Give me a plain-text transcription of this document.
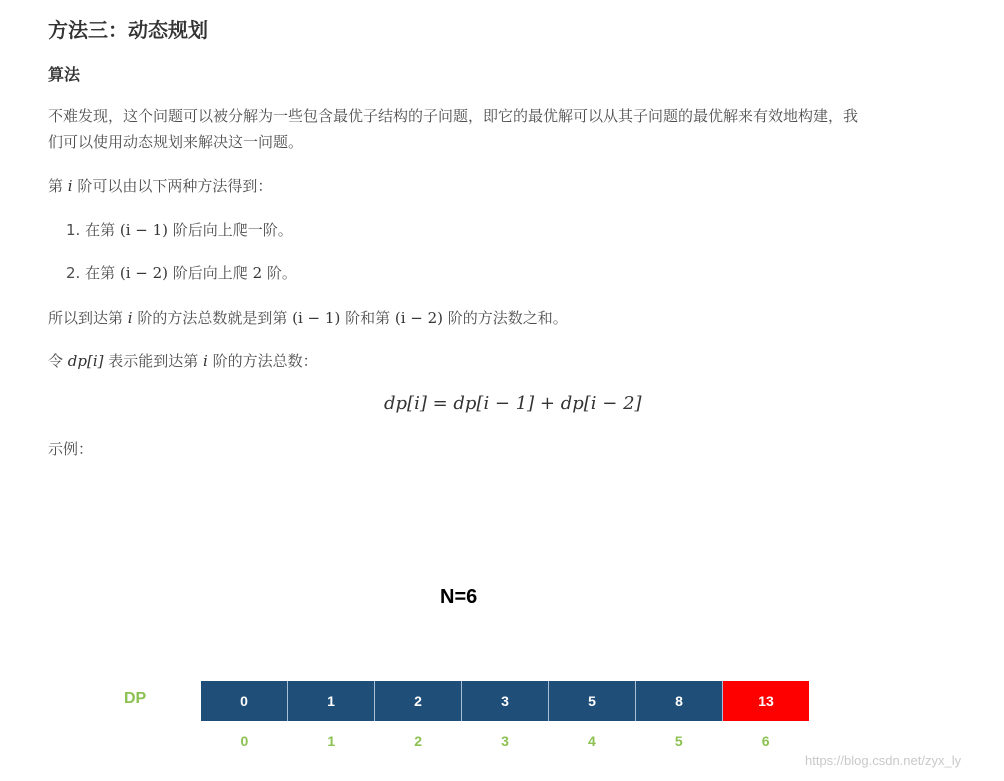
方法三：动态规划
算法
不难发现，这个问题可以被分解为一些包含最优子结构的子问题，即它的最优解可以从其子问题的最优解来有效地构建，我
们可以使用动态规划来解决这一问题。
第 i 阶可以由以下两种方法得到：
1. 在第 (i − 1) 阶后向上爬一阶。
2. 在第 (i − 2) 阶后向上爬 2 阶。
所以到达第 i 阶的方法总数就是到第 (i − 1) 阶和第 (i − 2) 阶的方法数之和。
令 dp[i] 表示能到达第 i 阶的方法总数：
dp[i] = dp[i − 1] + dp[i − 2]
示例：
N=6
DP	0	1	2	3	5	8	13
0	1	2	3	4	5	6
https://blog.csdn.net/zyx_ly
